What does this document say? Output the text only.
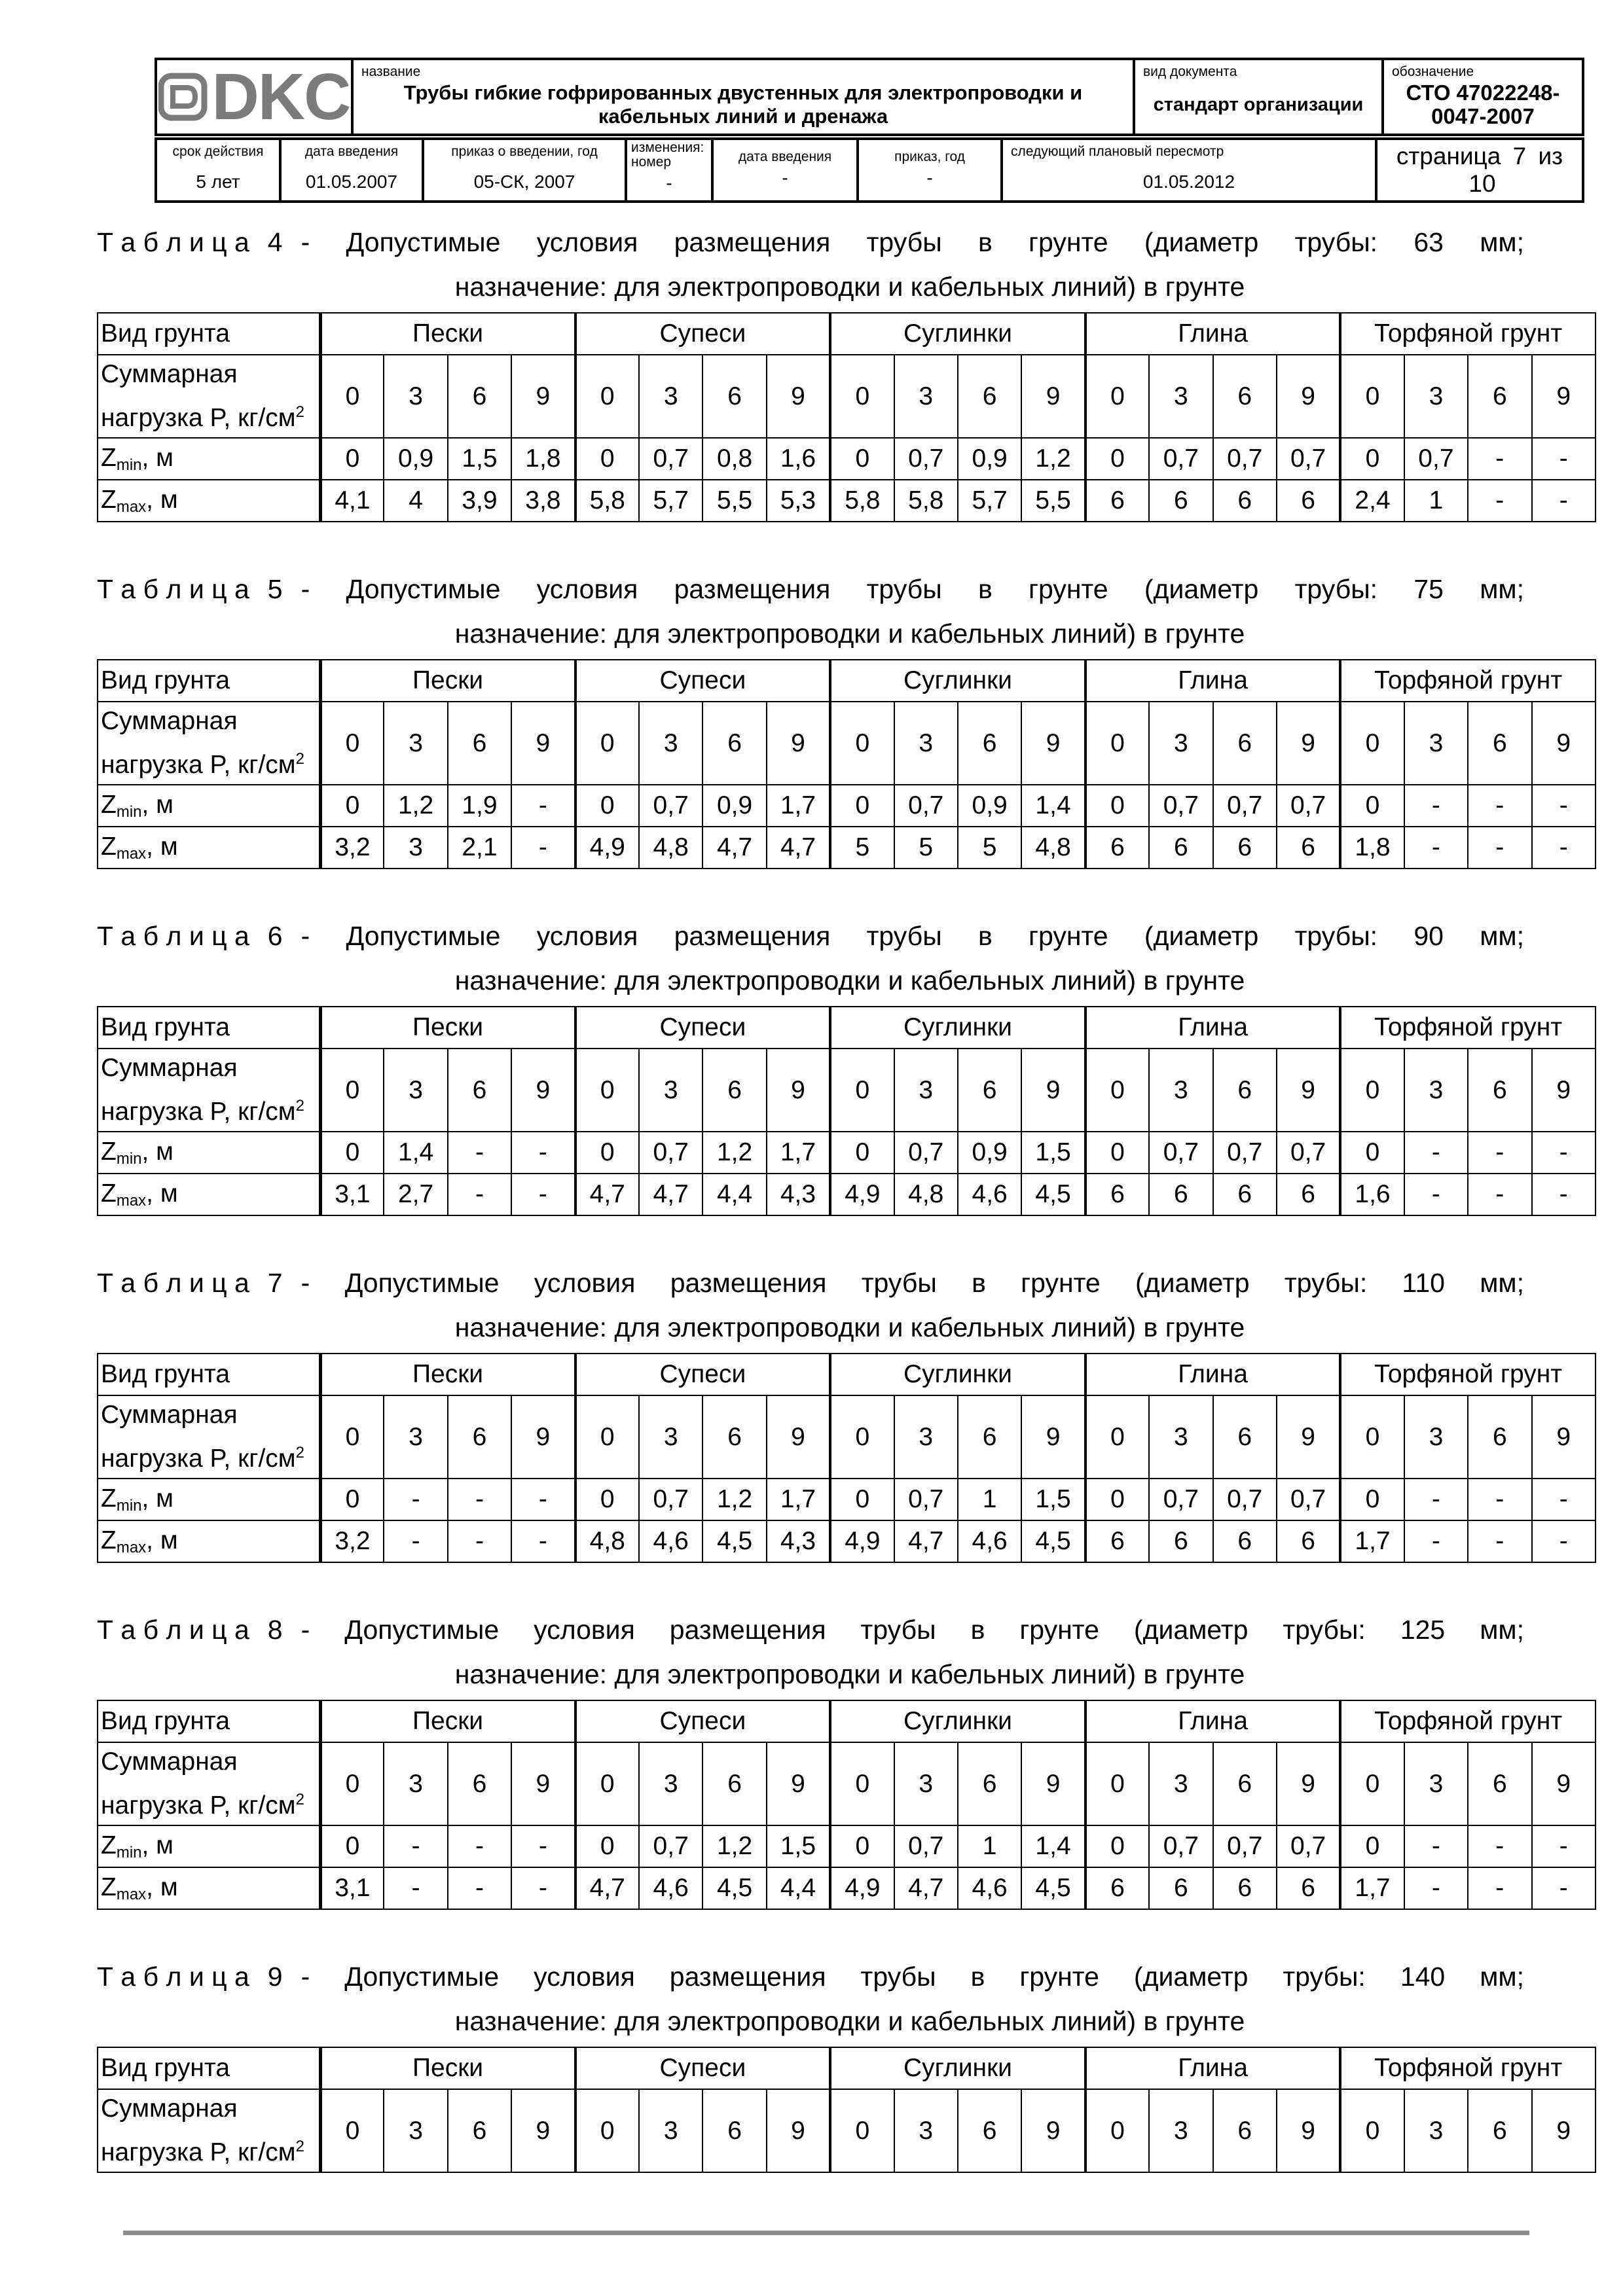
DKC	название
Трубы гибкие гофрированных двустенных для электропроводки и кабельных линий и дренажа

вид документа
стандарт организации

обозначение
СТО 47022248-0047-2007
срок действия
5 лет

дата введения
01.05.2007

приказ о введении, год
05-СК, 2007

изменения:
номер
-

дата введения
-

приказ, год
-

следующий плановый пересмотр
01.05.2012

страница 7 из 10
Т а б л и ц а 4 - Допустимые условия размещения трубы в грунте (диаметр трубы: 63 мм;
назначение: для электропроводки и кабельных линий) в грунте
Вид грунта	Пески				Супеси				Суглинки				Глина				Торфяной грунт			
Суммарная
нагрузка P, $кг/см^2$	0	3	6	9	0	3	6	9	0	3	6	9	0	3	6	9	0	3	6	9
$Z_{min}$, м	0	0,9	1,5	1,8	0	0,7	0,8	1,6	0	0,7	0,9	1,2	0	0,7	0,7	0,7	0	0,7	-	-
$Z_{max}$, м	4,1	4	3,9	3,8	5,8	5,7	5,5	5,3	5,8	5,8	5,7	5,5	6	6	6	6	2,4	1	-	-
Т а б л и ц а 5 - Допустимые условия размещения трубы в грунте (диаметр трубы: 75 мм;
назначение: для электропроводки и кабельных линий) в грунте
Вид грунта	Пески				Супеси				Суглинки				Глина				Торфяной грунт			
Суммарная
нагрузка P, $кг/см^2$	0	3	6	9	0	3	6	9	0	3	6	9	0	3	6	9	0	3	6	9
$Z_{min}$, м	0	1,2	1,9	-	0	0,7	0,9	1,7	0	0,7	0,9	1,4	0	0,7	0,7	0,7	0	-	-	-
$Z_{max}$, м	3,2	3	2,1	-	4,9	4,8	4,7	4,7	5	5	5	4,8	6	6	6	6	1,8	-	-	-
Т а б л и ц а 6 - Допустимые условия размещения трубы в грунте (диаметр трубы: 90 мм;
назначение: для электропроводки и кабельных линий) в грунте
Вид грунта	Пески				Супеси				Суглинки				Глина				Торфяной грунт			
Суммарная
нагрузка P, $кг/см^2$	0	3	6	9	0	3	6	9	0	3	6	9	0	3	6	9	0	3	6	9
$Z_{min}$, м	0	1,4	-	-	0	0,7	1,2	1,7	0	0,7	0,9	1,5	0	0,7	0,7	0,7	0	-	-	-
$Z_{max}$, м	3,1	2,7	-	-	4,7	4,7	4,4	4,3	4,9	4,8	4,6	4,5	6	6	6	6	1,6	-	-	-
Т а б л и ц а 7 - Допустимые условия размещения трубы в грунте (диаметр трубы: 110 мм;
назначение: для электропроводки и кабельных линий) в грунте
Вид грунта	Пески				Супеси				Суглинки				Глина				Торфяной грунт			
Суммарная
нагрузка P, $кг/см^2$	0	3	6	9	0	3	6	9	0	3	6	9	0	3	6	9	0	3	6	9
$Z_{min}$, м	0	-	-	-	0	0,7	1,2	1,7	0	0,7	1	1,5	0	0,7	0,7	0,7	0	-	-	-
$Z_{max}$, м	3,2	-	-	-	4,8	4,6	4,5	4,3	4,9	4,7	4,6	4,5	6	6	6	6	1,7	-	-	-
Т а б л и ц а 8 - Допустимые условия размещения трубы в грунте (диаметр трубы: 125 мм;
назначение: для электропроводки и кабельных линий) в грунте
Вид грунта	Пески				Супеси				Суглинки				Глина				Торфяной грунт			
Суммарная
нагрузка P, $кг/см^2$	0	3	6	9	0	3	6	9	0	3	6	9	0	3	6	9	0	3	6	9
$Z_{min}$, м	0	-	-	-	0	0,7	1,2	1,5	0	0,7	1	1,4	0	0,7	0,7	0,7	0	-	-	-
$Z_{max}$, м	3,1	-	-	-	4,7	4,6	4,5	4,4	4,9	4,7	4,6	4,5	6	6	6	6	1,7	-	-	-
Т а б л и ц а 9 - Допустимые условия размещения трубы в грунте (диаметр трубы: 140 мм;
назначение: для электропроводки и кабельных линий) в грунте
Вид грунта	Пески				Супеси				Суглинки				Глина				Торфяной грунт			
Суммарная
нагрузка P, $кг/см^2$	0	3	6	9	0	3	6	9	0	3	6	9	0	3	6	9	0	3	6	9
